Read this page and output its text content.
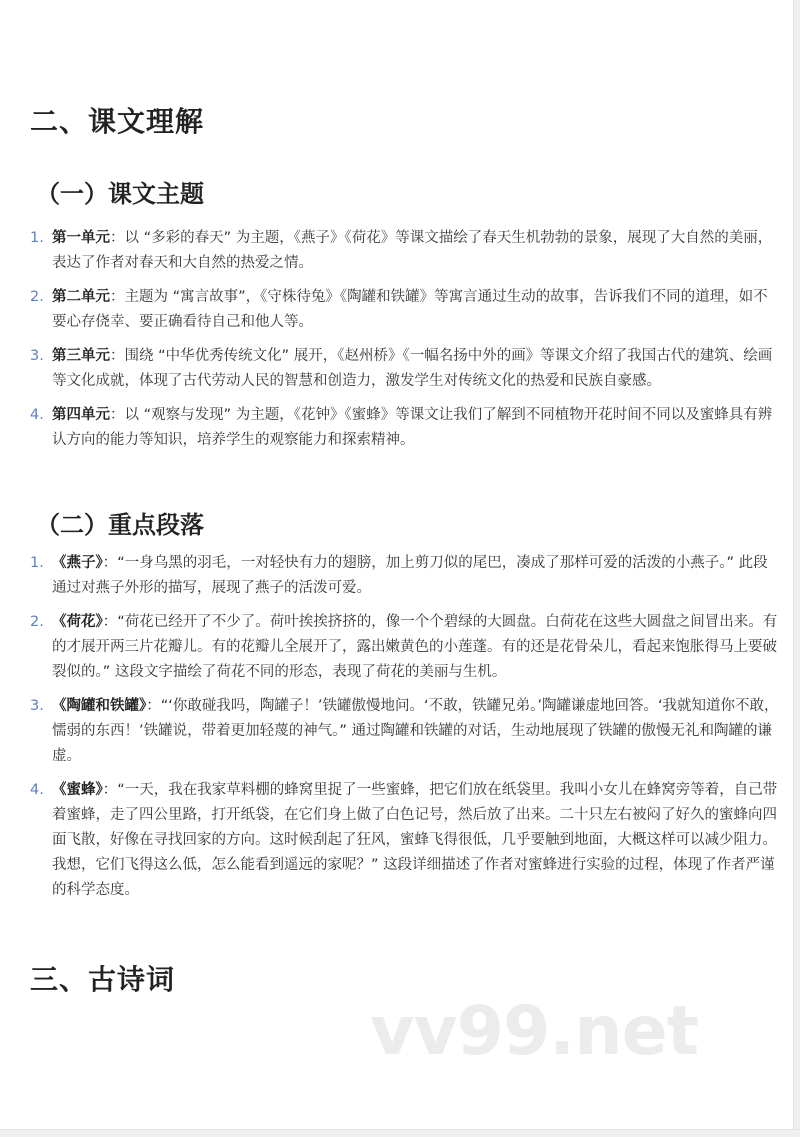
二、课文理解
（一）课文主题
1. 第一单元：以 “多彩的春天” 为主题，《燕子》《荷花》等课文描绘了春天生机勃勃的景象，展现了大自然的美丽，表达了作者对春天和大自然的热爱之情。
2. 第二单元：主题为 “寓言故事”，《守株待兔》《陶罐和铁罐》等寓言通过生动的故事，告诉我们不同的道理，如不要心存侥幸、要正确看待自己和他人等。
3. 第三单元：围绕 “中华优秀传统文化” 展开，《赵州桥》《一幅名扬中外的画》等课文介绍了我国古代的建筑、绘画等文化成就，体现了古代劳动人民的智慧和创造力，激发学生对传统文化的热爱和民族自豪感。
4. 第四单元：以 “观察与发现” 为主题，《花钟》《蜜蜂》等课文让我们了解到不同植物开花时间不同以及蜜蜂具有辨认方向的能力等知识，培养学生的观察能力和探索精神。
（二）重点段落
1. 《燕子》：“一身乌黑的羽毛，一对轻快有力的翅膀，加上剪刀似的尾巴，凑成了那样可爱的活泼的小燕子。” 此段通过对燕子外形的描写，展现了燕子的活泼可爱。
2. 《荷花》：“荷花已经开了不少了。荷叶挨挨挤挤的，像一个个碧绿的大圆盘。白荷花在这些大圆盘之间冒出来。有的才展开两三片花瓣儿。有的花瓣儿全展开了，露出嫩黄色的小莲蓬。有的还是花骨朵儿，看起来饱胀得马上要破裂似的。” 这段文字描绘了荷花不同的形态，表现了荷花的美丽与生机。
3. 《陶罐和铁罐》：“‘你敢碰我吗，陶罐子！’铁罐傲慢地问。‘不敢，铁罐兄弟。’陶罐谦虚地回答。‘我就知道你不敢，懦弱的东西！’铁罐说，带着更加轻蔑的神气。” 通过陶罐和铁罐的对话，生动地展现了铁罐的傲慢无礼和陶罐的谦虚。
4. 《蜜蜂》：“一天，我在我家草料棚的蜂窝里捉了一些蜜蜂，把它们放在纸袋里。我叫小女儿在蜂窝旁等着，自己带着蜜蜂，走了四公里路，打开纸袋，在它们身上做了白色记号，然后放了出来。二十只左右被闷了好久的蜜蜂向四面飞散，好像在寻找回家的方向。这时候刮起了狂风，蜜蜂飞得很低，几乎要触到地面，大概这样可以减少阻力。我想，它们飞得这么低，怎么能看到遥远的家呢？” 这段详细描述了作者对蜜蜂进行实验的过程，体现了作者严谨的科学态度。
三、古诗词
vv99.net
